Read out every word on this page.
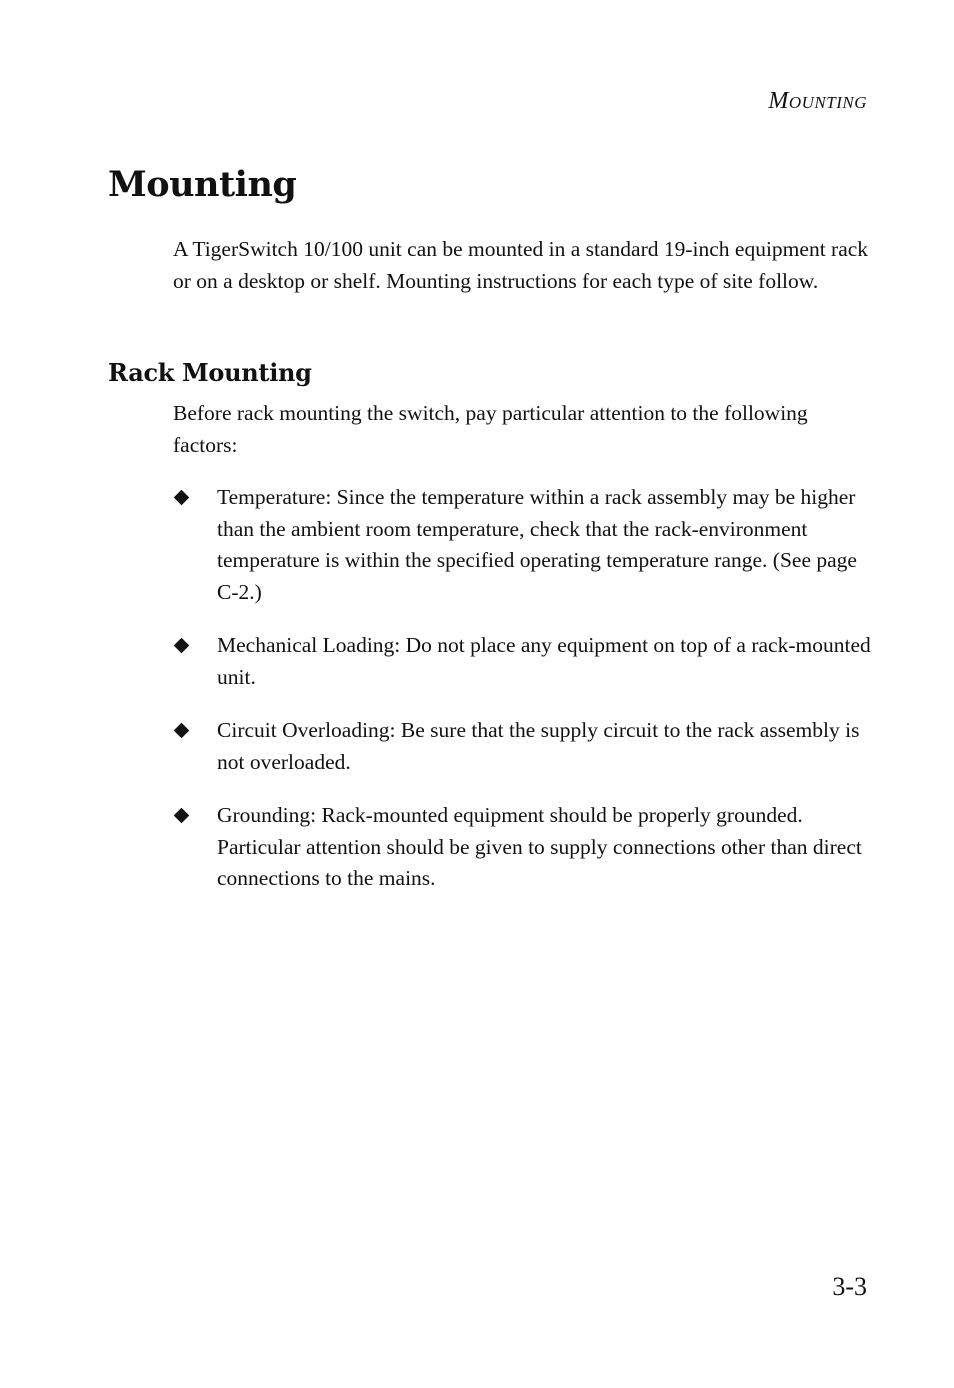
Mounting
Mounting

A TigerSwitch 10/100 unit can be mounted in a standard 19-inch equipment rack or on a desktop or shelf. Mounting instructions for each type of site follow.

Rack Mounting

Before rack mounting the switch, pay particular attention to the following factors:

Temperature: Since the temperature within a rack assembly may be higher than the ambient room temperature, check that the rack-environment temperature is within the specified operating temperature range. (See page C-2.)
Mechanical Loading: Do not place any equipment on top of a rack-mounted unit.
Circuit Overloading: Be sure that the supply circuit to the rack assembly is not overloaded.
Grounding: Rack-mounted equipment should be properly grounded. Particular attention should be given to supply connections other than direct connections to the mains.
3-3
